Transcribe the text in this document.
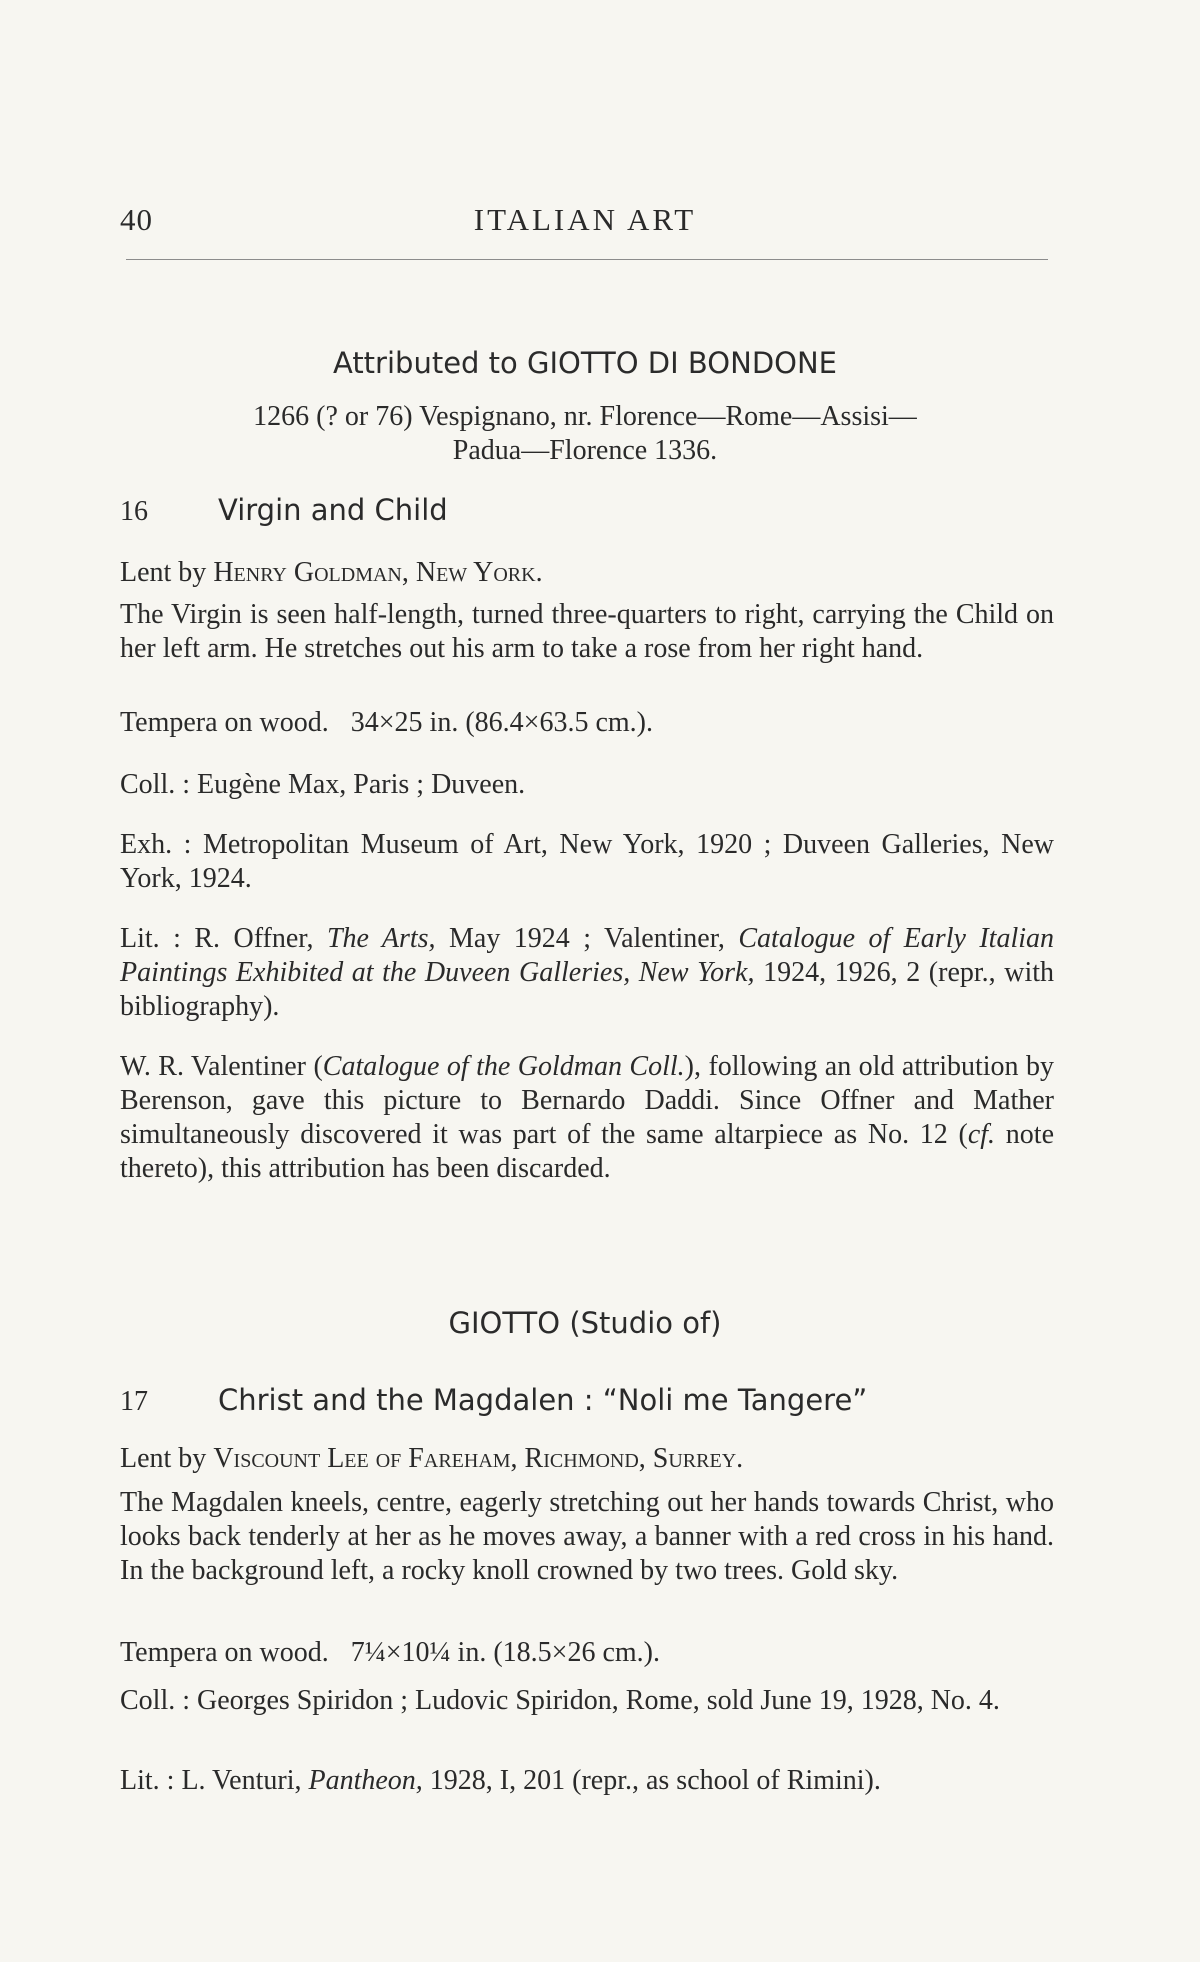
40	ITALIAN ART
Attributed to GIOTTO DI BONDONE
1266 (? or 76) Vespignano, nr. Florence—Rome—Assisi—
Padua—Florence 1336.
16 Virgin and Child

Lent by Henry Goldman, New York.

The Virgin is seen half-length, turned three-quarters to right, carrying the Child on her left arm. He stretches out his arm to take a rose from her right hand.

Tempera on wood. 34×25 in. (86.4×63.5 cm.).

Coll. : Eugène Max, Paris ; Duveen.

Exh. : Metropolitan Museum of Art, New York, 1920 ; Duveen Galleries, New York, 1924.

Lit. : R. Offner, The Arts, May 1924 ; Valentiner, Catalogue of Early Italian Paintings Exhibited at the Duveen Galleries, New York, 1924, 1926, 2 (repr., with bibliography).

W. R. Valentiner (Catalogue of the Goldman Coll.), following an old attribution by Berenson, gave this picture to Bernardo Daddi. Since Offner and Mather simultaneously discovered it was part of the same altarpiece as No. 12 (cf. note thereto), this attribution has been discarded.

GIOTTO (Studio of)
17 Christ and the Magdalen : “Noli me Tangere”

Lent by Viscount Lee of Fareham, Richmond, Surrey.

The Magdalen kneels, centre, eagerly stretching out her hands towards Christ, who looks back tenderly at her as he moves away, a banner with a red cross in his hand. In the background left, a rocky knoll crowned by two trees. Gold sky.

Tempera on wood. 7¼×10¼ in. (18.5×26 cm.).

Coll. : Georges Spiridon ; Ludovic Spiridon, Rome, sold June 19, 1928, No. 4.

Lit. : L. Venturi, Pantheon, 1928, I, 201 (repr., as school of Rimini).
